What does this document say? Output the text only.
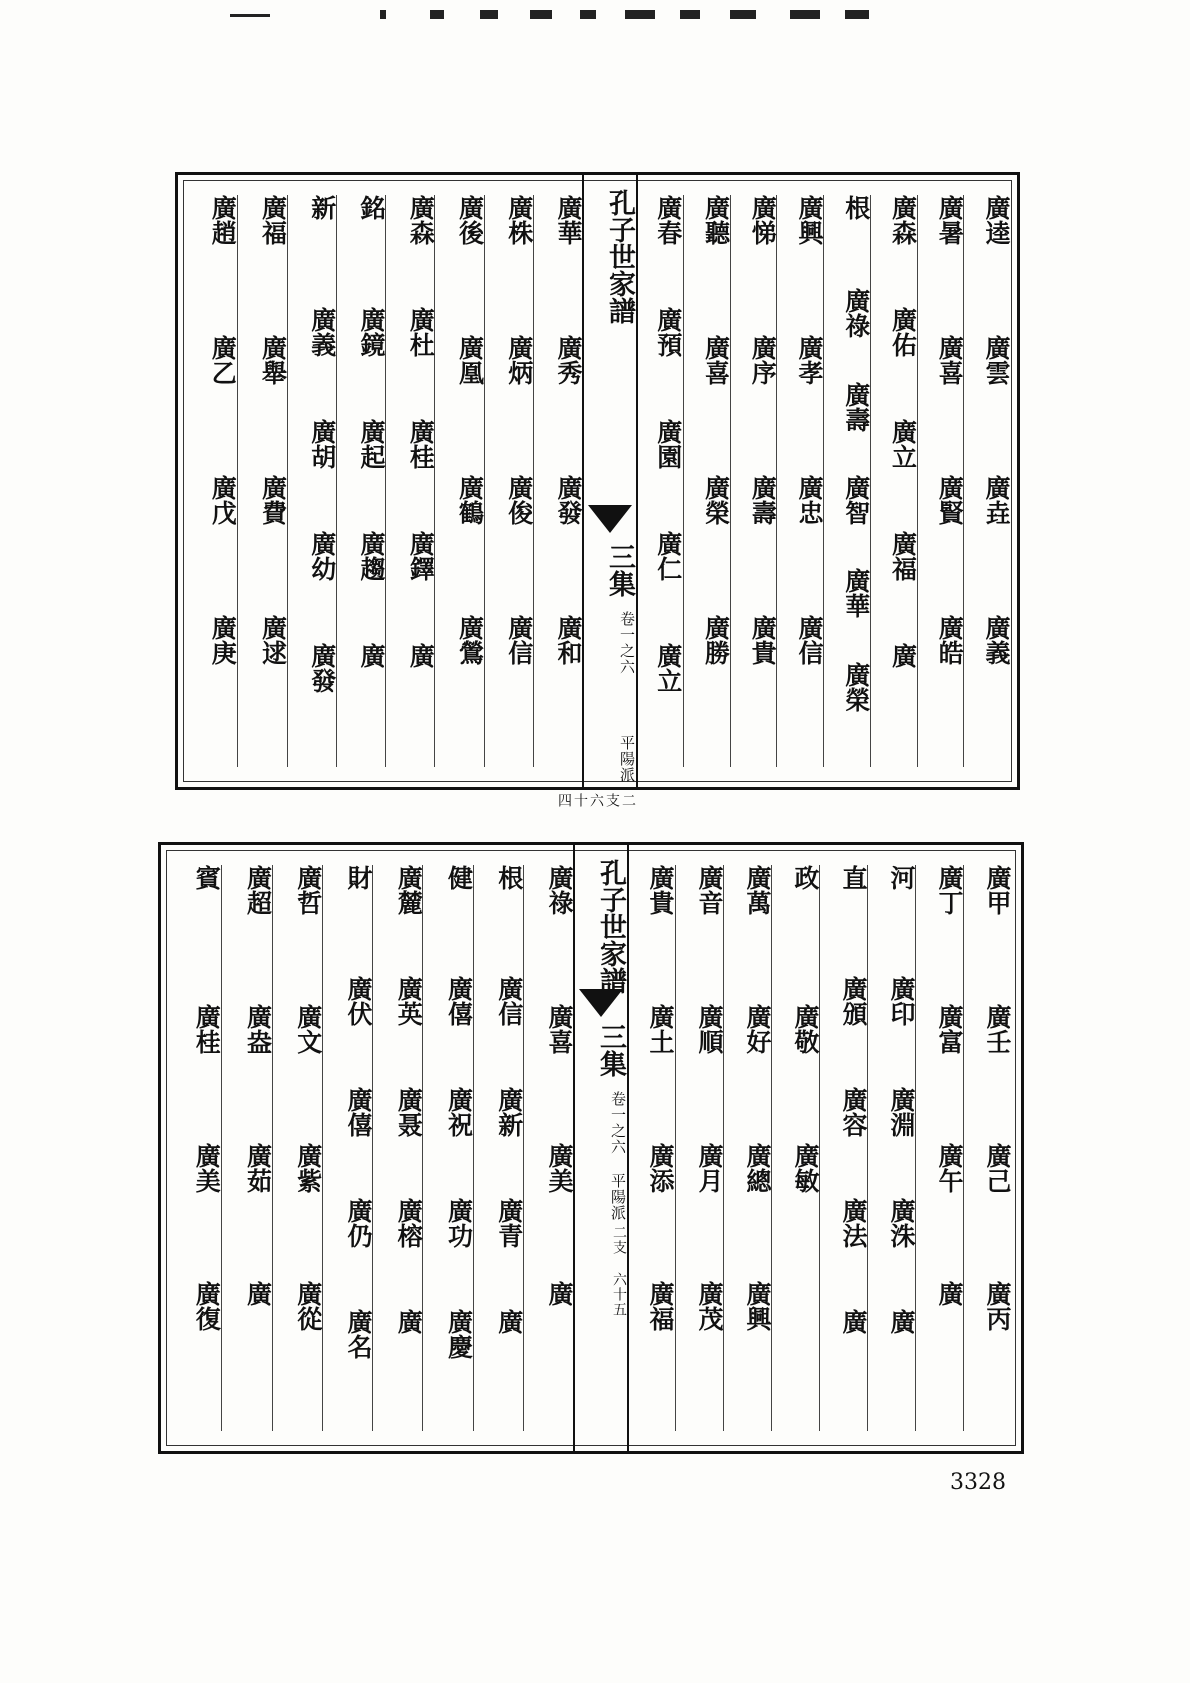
廣華
廣秀
廣發
廣和
廣株
廣炳
廣俊
廣信
廣後
廣凰
廣鶴
廣鶯
廣森
廣杜
廣桂
廣鐸
廣
銘
廣鏡
廣起
廣趨
廣
新
廣義
廣胡
廣幼
廣發
廣福
廣舉
廣費
廣逑
廣趙
廣乙
廣戊
廣庚
孔子世家譜
三集
卷一之六
平陽派
二支 六十四
廣逵
廣雲
廣垚
廣義
廣暑
廣喜
廣賢
廣皓
廣森
廣佑
廣立
廣福
廣
根
廣祿
廣壽
廣智
廣華
廣榮
廣興
廣孝
廣忠
廣信
廣悌
廣序
廣壽
廣貴
廣聽
廣喜
廣榮
廣勝
廣春
廣預
廣園
廣仁
廣立
廣祿
廣喜
廣美
廣
根
廣信
廣新
廣青
廣
健
廣僖
廣祝
廣功
廣慶
廣麓
廣英
廣聂
廣榕
廣
財
廣伏
廣僖
廣仍
廣名
廣哲
廣文
廣紫
廣從
廣超
廣盎
廣茹
廣
賓
廣桂
廣美
廣復
孔子世家譜
三集
卷一之六
平陽派
二支 六十五
廣甲
廣壬
廣己
廣丙
廣丁
廣富
廣午
廣
河
廣印
廣淵
廣洙
廣
直
廣頒
廣容
廣法
廣
政
廣敬
廣敏
廣萬
廣好
廣總
廣興
廣音
廣順
廣月
廣茂
廣貴
廣土
廣添
廣福
3328
